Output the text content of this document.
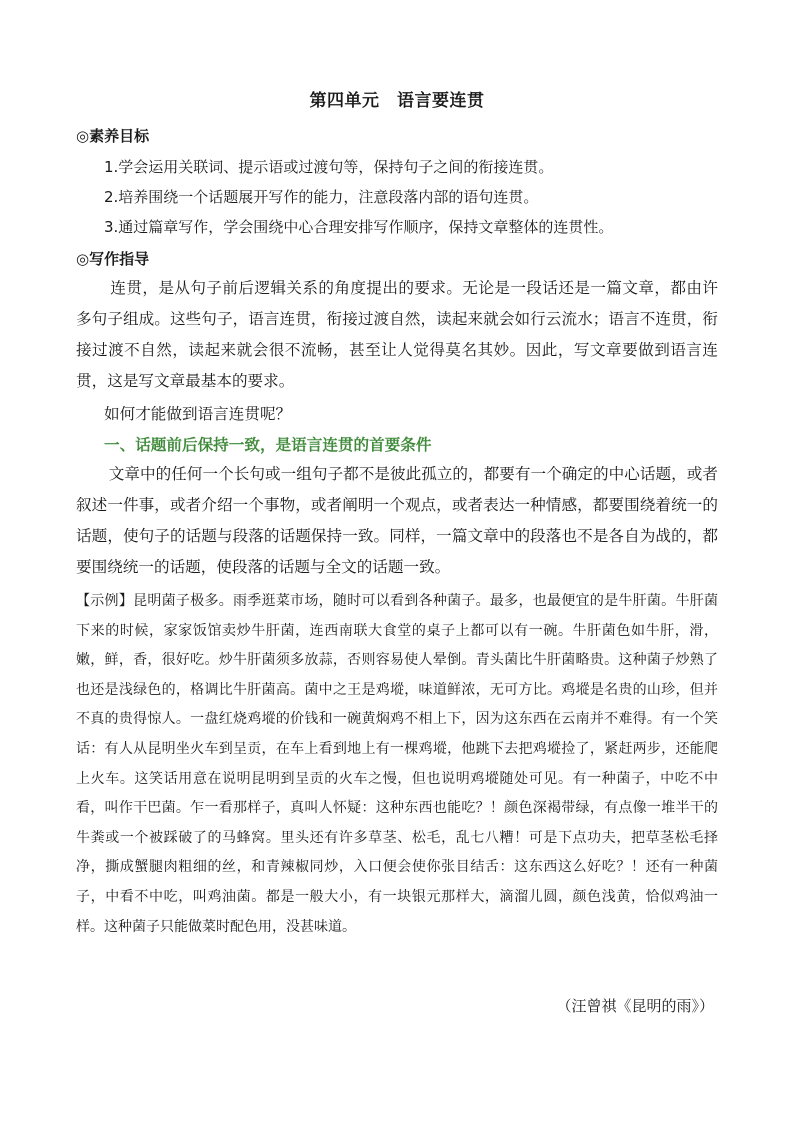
第四单元　语言要连贯
◎素养目标
1.学会运用关联词、提示语或过渡句等，保持句子之间的衔接连贯。
2.培养围绕一个话题展开写作的能力，注意段落内部的语句连贯。
3.通过篇章写作，学会围绕中心合理安排写作顺序，保持文章整体的连贯性。
◎写作指导
连贯，是从句子前后逻辑关系的角度提出的要求。无论是一段话还是一篇文章，都由许多句子组成。这些句子，语言连贯，衔接过渡自然，读起来就会如行云流水；语言不连贯，衔接过渡不自然，读起来就会很不流畅，甚至让人觉得莫名其妙。因此，写文章要做到语言连贯，这是写文章最基本的要求。
如何才能做到语言连贯呢？
一、话题前后保持一致，是语言连贯的首要条件
文章中的任何一个长句或一组句子都不是彼此孤立的，都要有一个确定的中心话题，或者叙述一件事，或者介绍一个事物，或者阐明一个观点，或者表达一种情感，都要围绕着统一的话题，使句子的话题与段落的话题保持一致。同样，一篇文章中的段落也不是各自为战的，都要围绕统一的话题，使段落的话题与全文的话题一致。
【示例】昆明菌子极多。雨季逛菜市场，随时可以看到各种菌子。最多，也最便宜的是牛肝菌。牛肝菌下来的时候，家家饭馆卖炒牛肝菌，连西南联大食堂的桌子上都可以有一碗。牛肝菌色如牛肝，滑，嫩，鲜，香，很好吃。炒牛肝菌须多放蒜，否则容易使人晕倒。青头菌比牛肝菌略贵。这种菌子炒熟了也还是浅绿色的，格调比牛肝菌高。菌中之王是鸡㙡，味道鲜浓，无可方比。鸡㙡是名贵的山珍，但并不真的贵得惊人。一盘红烧鸡㙡的价钱和一碗黄焖鸡不相上下，因为这东西在云南并不难得。有一个笑话：有人从昆明坐火车到呈贡，在车上看到地上有一棵鸡㙡，他跳下去把鸡㙡捡了，紧赶两步，还能爬上火车。这笑话用意在说明昆明到呈贡的火车之慢，但也说明鸡㙡随处可见。有一种菌子，中吃不中看，叫作干巴菌。乍一看那样子，真叫人怀疑：这种东西也能吃？！颜色深褐带绿，有点像一堆半干的牛粪或一个被踩破了的马蜂窝。里头还有许多草茎、松毛，乱七八糟！可是下点功夫，把草茎松毛择净，撕成蟹腿肉粗细的丝，和青辣椒同炒，入口便会使你张目结舌：这东西这么好吃？！还有一种菌子，中看不中吃，叫鸡油菌。都是一般大小，有一块银元那样大，滴溜儿圆，颜色浅黄，恰似鸡油一样。这种菌子只能做菜时配色用，没甚味道。
（汪曾祺《昆明的雨》）
